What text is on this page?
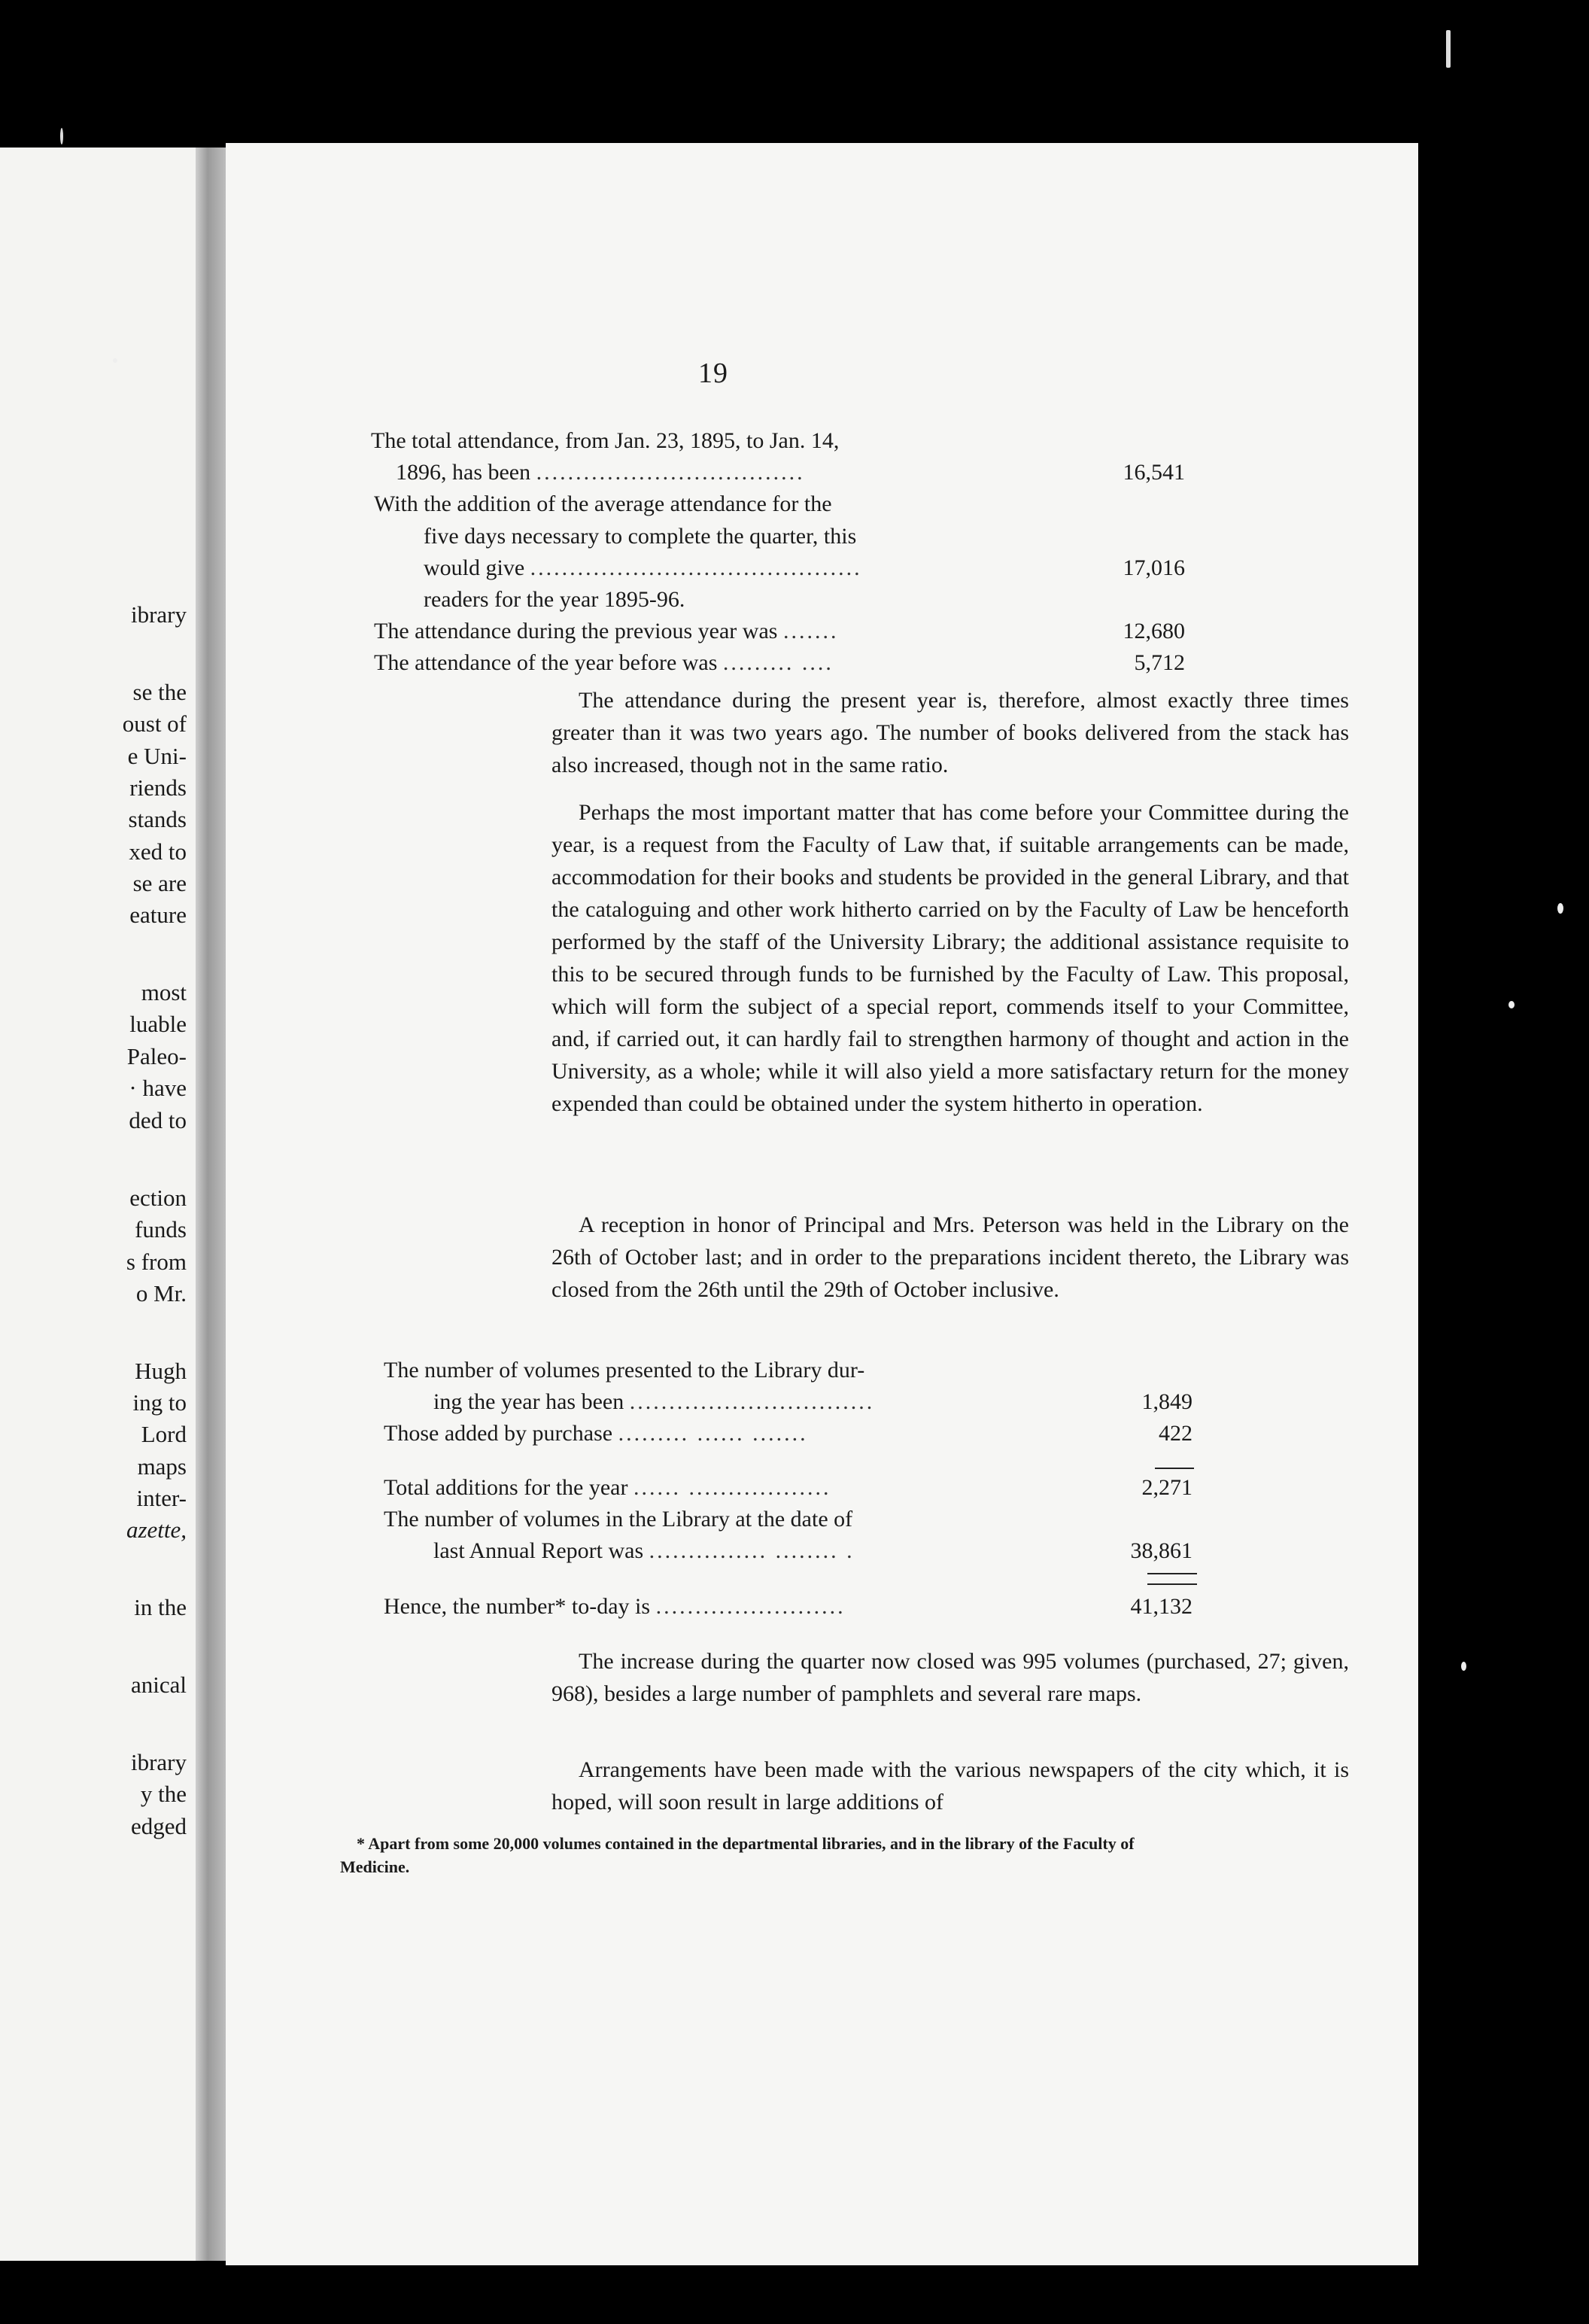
ibrary
se the
oust of
e Uni-
riends
stands
xed to
se are
eature
most
luable
Paleo-
· have
ded to
ection
funds
s from
o Mr.
Hugh
ing to
Lord
maps
inter-
azette,
in the
anical
ibrary
y the
edged
19
The total attendance, from Jan. 23, 1895, to Jan. 14,
1896, has been ..................................	16,541
With the addition of the average attendance for the
five days necessary to complete the quarter, this
would give ..........................................	17,016
readers for the year 1895-96.
The attendance during the previous year was .......	12,680
The attendance of the year before was ......... ....	5,712

The attendance during the present year is, therefore, almost exactly three times greater than it was two years ago. The number of books delivered from the stack has also increased, though not in the same ratio.

Perhaps the most important matter that has come before your Committee during the year, is a request from the Faculty of Law that, if suitable arrangements can be made, accommodation for their books and students be provided in the general Library, and that the cataloguing and other work hitherto carried on by the Faculty of Law be henceforth performed by the staff of the University Library; the additional assistance requisite to this to be secured through funds to be furnished by the Faculty of Law. This proposal, which will form the subject of a special report, commends itself to your Committee, and, if carried out, it can hardly fail to strengthen harmony of thought and action in the University, as a whole; while it will also yield a more satisfactary return for the money expended than could be obtained under the system hitherto in operation.

A reception in honor of Principal and Mrs. Peterson was held in the Library on the 26th of October last; and in order to the preparations incident thereto, the Library was closed from the 26th until the 29th of October inclusive.

The number of volumes presented to the Library dur-
ing the year has been ...............................	1,849
Those added by purchase ......... ...... .......	422
Total additions for the year ...... ..................	2,271
The number of volumes in the Library at the date of
last Annual Report was ............... ........ .	38,861
Hence, the number* to-day is ........................	41,132

The increase during the quarter now closed was 995 volumes (purchased, 27; given, 968), besides a large number of pamphlets and several rare maps.

Arrangements have been made with the various newspapers of the city which, it is hoped, will soon result in large additions of

* Apart from some 20,000 volumes contained in the departmental libraries, and in the library of the Faculty of Medicine.
